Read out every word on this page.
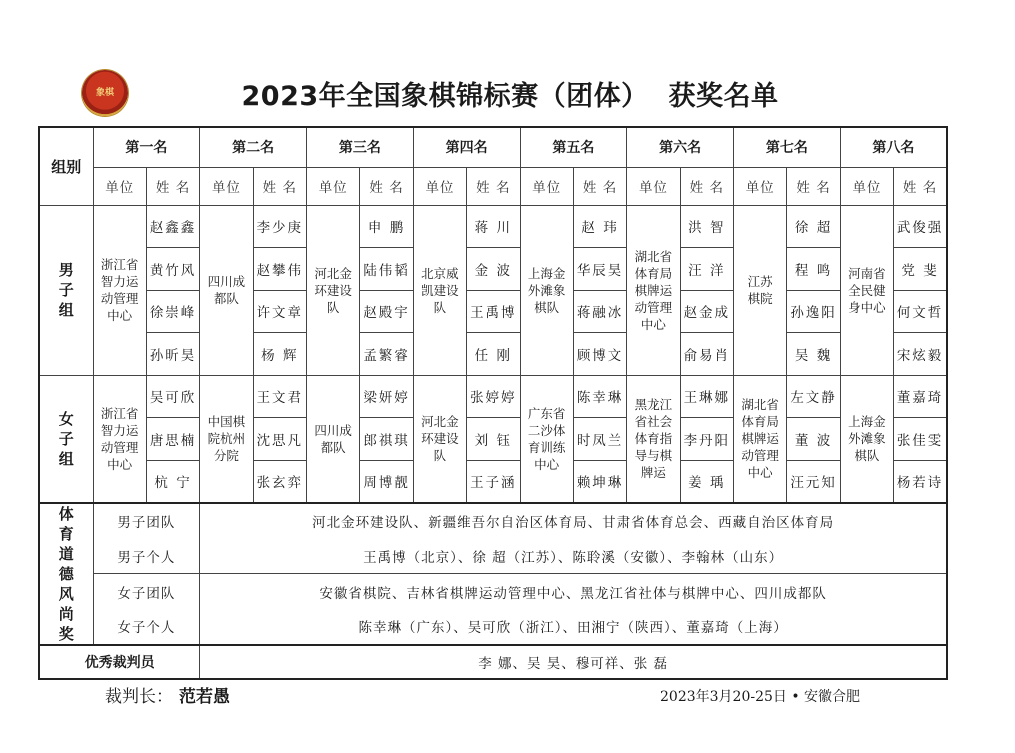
象棋	2023年全国象棋锦标赛（团体）  获奖名单
组别	第一名		第二名		第三名		第四名		第五名		第六名		第七名		第八名	
	单位	姓 名	单位	姓 名	单位	姓 名	单位	姓 名	单位	姓 名	单位	姓 名	单位	姓 名	单位	姓 名
男子组	浙江省智力运动管理中心	赵鑫鑫	四川成都队	李少庚	河北金环建设队	申 鹏	北京威凯建设队	蒋 川	上海金外滩象棋队	赵 玮	湖北省体育局棋牌运动管理中心	洪 智	江苏棋院	徐 超	河南省全民健身中心	武俊强
		黄竹风		赵攀伟		陆伟韬		金 波		华辰昊		汪 洋		程 鸣		党 斐
		徐崇峰		许文章		赵殿宇		王禹博		蒋融冰		赵金成		孙逸阳		何文哲
		孙昕昊		杨 辉		孟繁睿		任 刚		顾博文		俞易肖		吴 魏		宋炫毅
女子组	浙江省智力运动管理中心	吴可欣	中国棋院杭州分院	王文君	四川成都队	梁妍婷	河北金环建设队	张婷婷	广东省二沙体育训练中心	陈幸琳	黑龙江省社会体育指导与棋牌运	王琳娜	湖北省体育局棋牌运动管理中心	左文静	上海金外滩象棋队	董嘉琦
		唐思楠		沈思凡		郎祺琪		刘 钰		时凤兰		李丹阳		董 波		张佳雯
		杭 宁		张玄弈		周博靓		王子涵		赖坤琳		姜 瑀		汪元知		杨若诗
体育道德风尚奖	男子团队		河北金环建设队、新疆维吾尔自治区体育局、甘肃省体育总会、西藏自治区体育局													
	男子个人		王禹博（北京）、徐 超（江苏）、陈聆溪（安徽）、李翰林（山东）													
	女子团队		安徽省棋院、吉林省棋牌运动管理中心、黑龙江省社体与棋牌中心、四川成都队													
	女子个人		陈幸琳（广东）、吴可欣（浙江）、田湘宁（陕西）、董嘉琦（上海）													
优秀裁判员			李 娜、吴 昊、穆可祥、张 磊													
裁判长： 范若愚	2023年3月20-25日 • 安徽合肥
